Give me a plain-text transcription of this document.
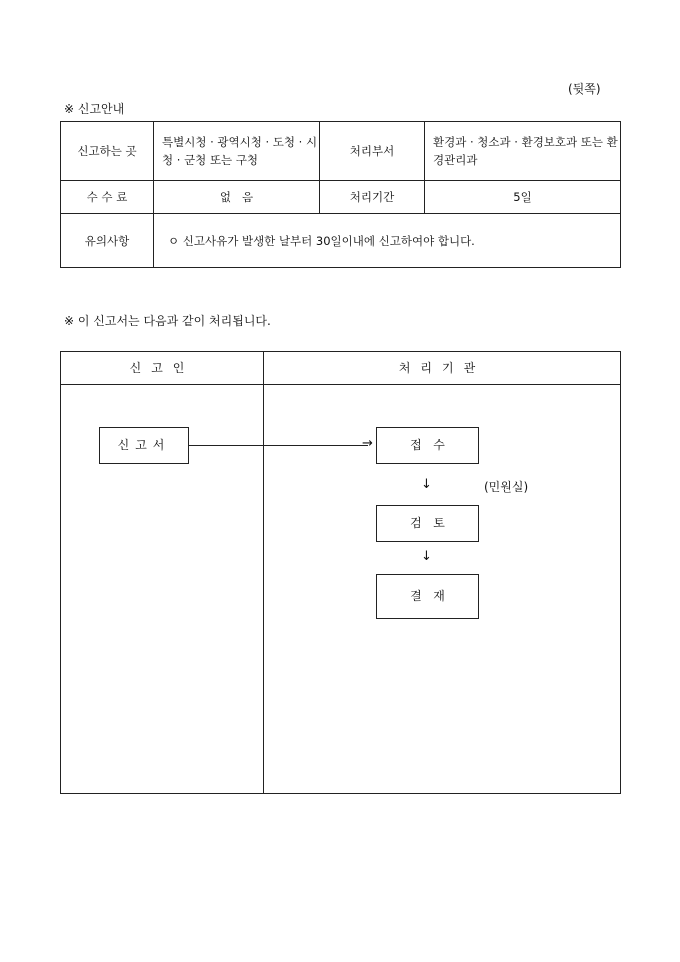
(뒷쪽)
※ 신고안내
신고하는 곳	특별시청 · 광역시청 · 도청 · 시청 · 군청 또는 구청	처리부서	환경과 · 청소과 · 환경보호과 또는 환경관리과
수 수 료	없   음	처리기간	5일
유의사항	ㅇ 신고사유가 발생한 날부터 30일이내에 신고하여야 합니다.		
※ 이 신고서는 다음과 같이 처리됩니다.
신고인	처리기관
신고서	→	접   수
↓	(민원실)
검   토
↓
결   재
